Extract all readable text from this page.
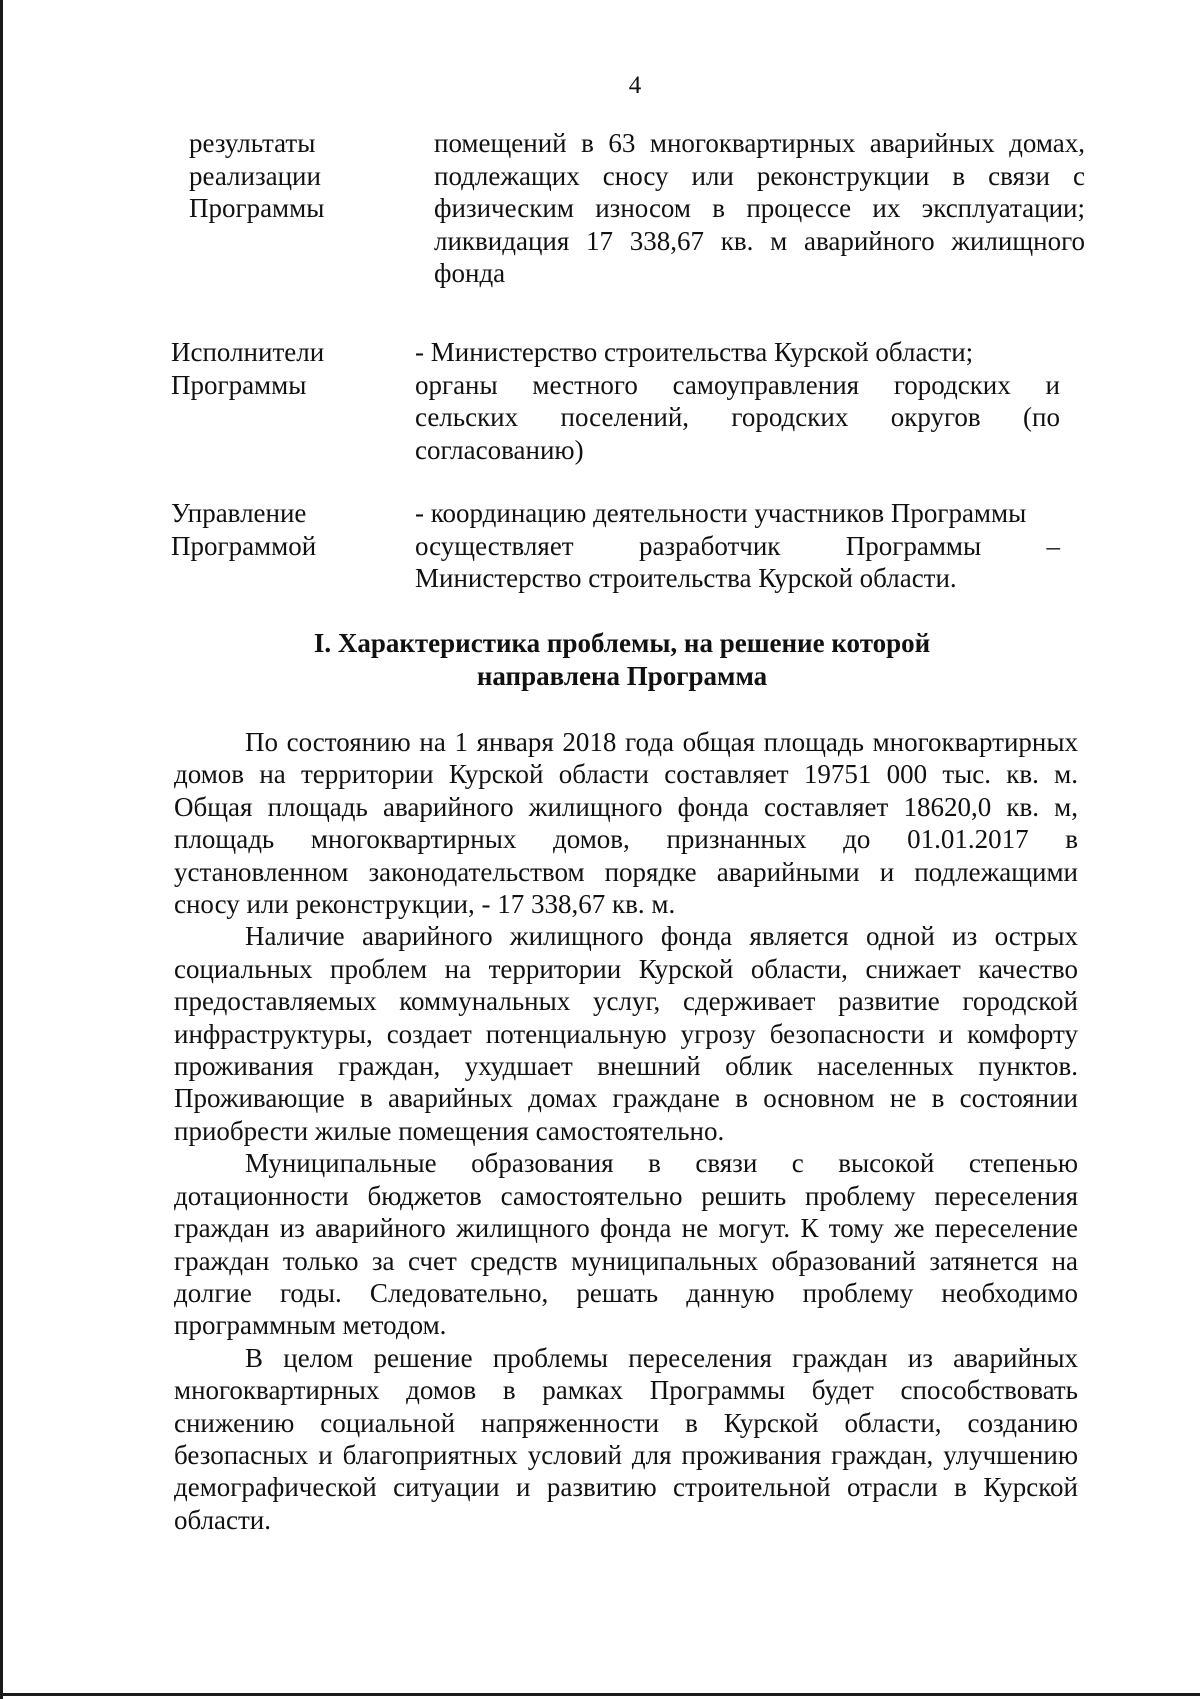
4
результаты
реализации
Программы
помещений в 63 многоквартирных аварийных домах,
подлежащих сносу или реконструкции в связи с
физическим износом в процессе их эксплуатации;
ликвидация 17 338,67 кв. м аварийного жилищного
фонда
Исполнители
Программы
- Министерство строительства Курской области;
органы местного самоуправления городских и
сельских поселений, городских округов (по
согласованию)
Управление
Программой
- координацию деятельности участников Программы
осуществляет разработчик Программы –
Министерство строительства Курской области.
I. Характеристика проблемы, на решение которой
направлена Программа

По состоянию на 1 января 2018 года общая площадь многоквартирных домов на территории Курской области составляет 19751 000 тыс. кв. м. Общая площадь аварийного жилищного фонда составляет 18620,0 кв. м, площадь многоквартирных домов, признанных до 01.01.2017 в установленном законодательством порядке аварийными и подлежащими сносу или реконструкции, - 17 338,67 кв. м.

Наличие аварийного жилищного фонда является одной из острых социальных проблем на территории Курской области, снижает качество предоставляемых коммунальных услуг, сдерживает развитие городской инфраструктуры, создает потенциальную угрозу безопасности и комфорту проживания граждан, ухудшает внешний облик населенных пунктов. Проживающие в аварийных домах граждане в основном не в состоянии приобрести жилые помещения самостоятельно.

Муниципальные образования в связи с высокой степенью дотационности бюджетов самостоятельно решить проблему переселения граждан из аварийного жилищного фонда не могут. К тому же переселение граждан только за счет средств муниципальных образований затянется на долгие годы. Следовательно, решать данную проблему необходимо программным методом.

В целом решение проблемы переселения граждан из аварийных многоквартирных домов в рамках Программы будет способствовать снижению социальной напряженности в Курской области, созданию безопасных и благоприятных условий для проживания граждан, улучшению демографической ситуации и развитию строительной отрасли в Курской области.
